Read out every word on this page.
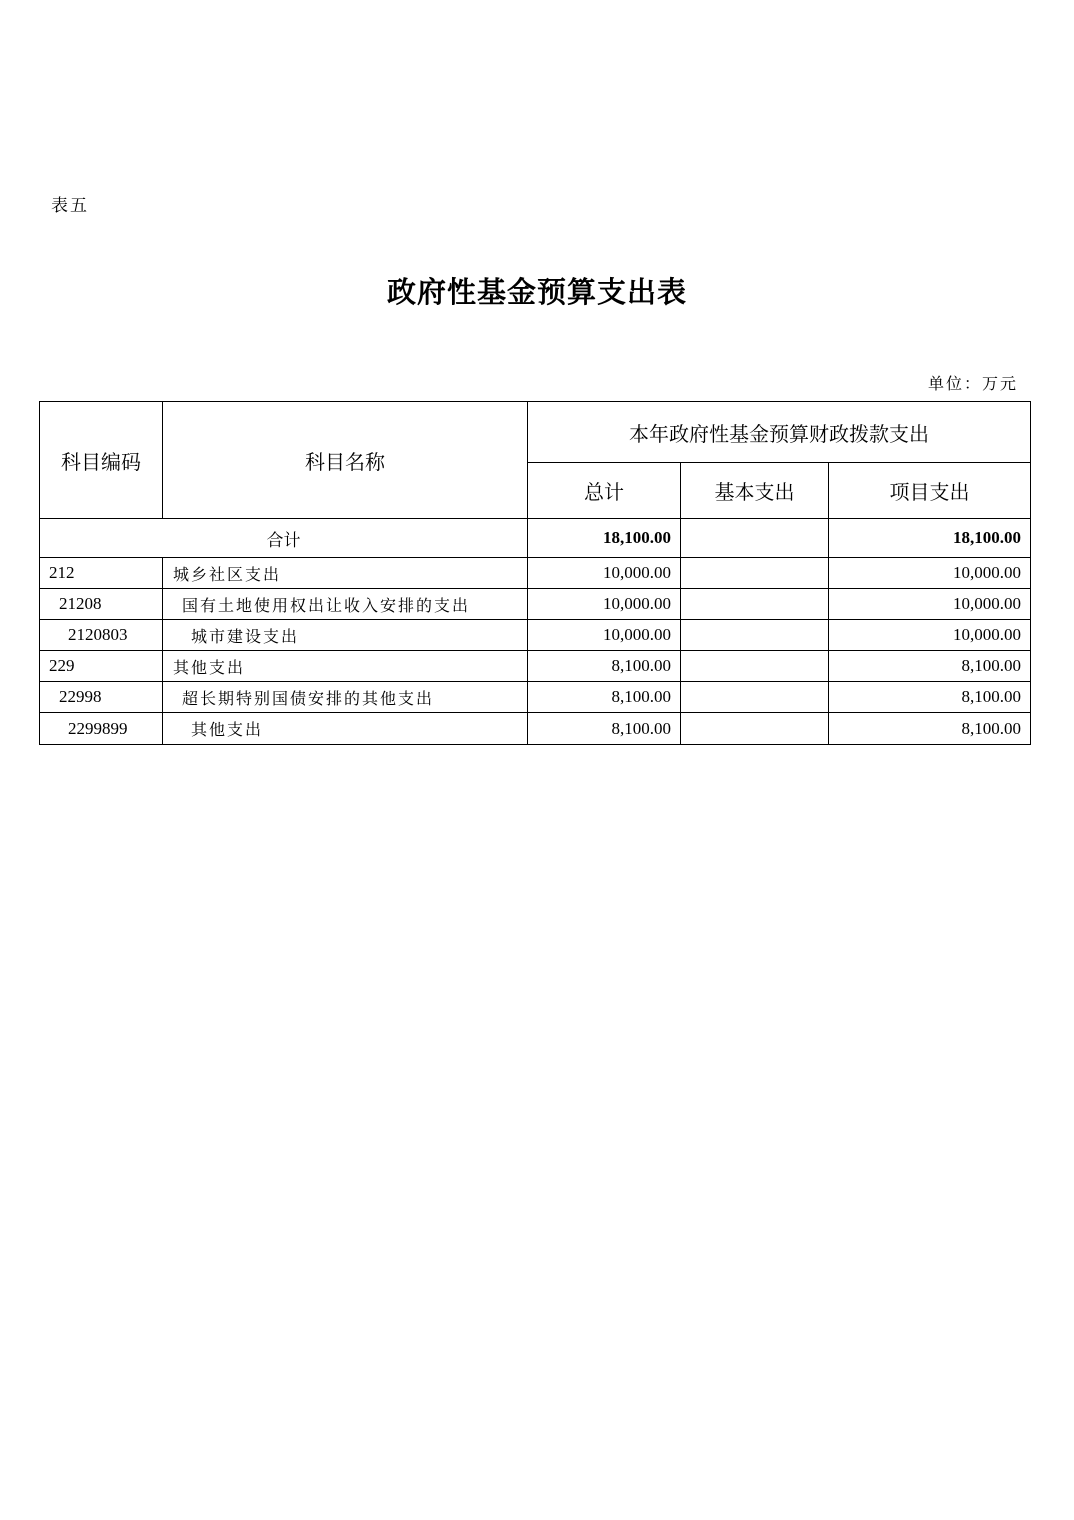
表五
政府性基金预算支出表
单位：万元
科目编码	科目名称	本年政府性基金预算财政拨款支出		
		总计	基本支出	项目支出
合计		18,100.00		18,100.00
212	城乡社区支出	10,000.00		10,000.00
21208	国有土地使用权出让收入安排的支出	10,000.00		10,000.00
2120803	城市建设支出	10,000.00		10,000.00
229	其他支出	8,100.00		8,100.00
22998	超长期特别国债安排的其他支出	8,100.00		8,100.00
2299899	其他支出	8,100.00		8,100.00
